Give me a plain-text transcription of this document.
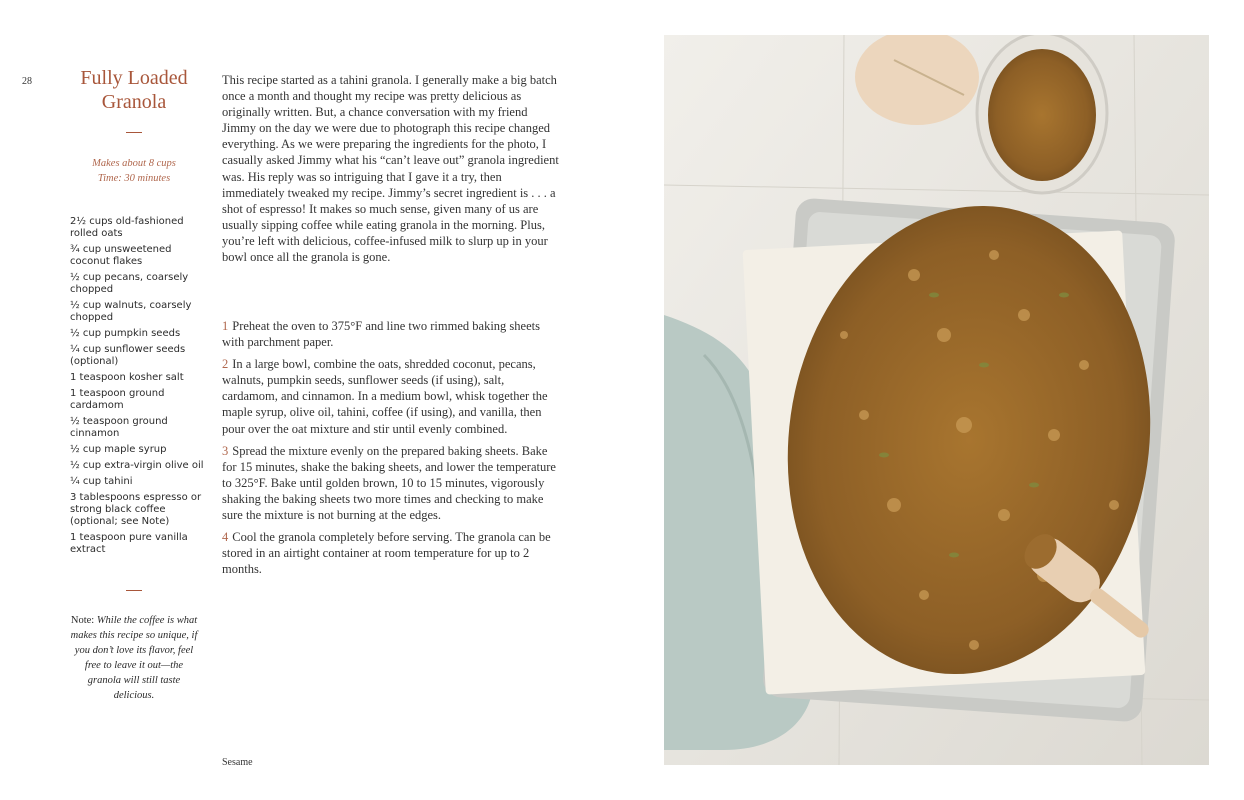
28	Fully Loaded Granola
Makes about 8 cups
Time: 30 minutes
2½ cups old-fashioned rolled oats
¾ cup unsweetened coconut flakes
½ cup pecans, coarsely chopped
½ cup walnuts, coarsely chopped
½ cup pumpkin seeds
¼ cup sunflower seeds (optional)
1 teaspoon kosher salt
1 teaspoon ground cardamom
½ teaspoon ground cinnamon
½ cup maple syrup
½ cup extra-virgin olive oil
¼ cup tahini
3 tablespoons espresso or strong black coffee (optional; see Note)
1 teaspoon pure vanilla extract
Note: While the coffee is what makes this recipe so unique, if you don’t love its flavor, feel free to leave it out—the granola will still taste delicious.

This recipe started as a tahini granola. I generally make a big batch once a month and thought my recipe was pretty delicious as originally written. But, a chance conversation with my friend Jimmy on the day we were due to photograph this recipe changed everything. As we were preparing the ingredients for the photo, I casually asked Jimmy what his “can’t leave out” granola ingredient was. His reply was so intriguing that I gave it a try, then immediately tweaked my recipe. Jimmy’s secret ingredient is . . . a shot of espresso! It makes so much sense, given many of us are usually sipping coffee while eating granola in the morning. Plus, you’re left with delicious, coffee-infused milk to slurp up in your bowl once all the granola is gone.

1 Preheat the oven to 375°F and line two rimmed baking sheets with parchment paper.

2 In a large bowl, combine the oats, shredded coconut, pecans, walnuts, pumpkin seeds, sunflower seeds (if using), salt, cardamom, and cinnamon. In a medium bowl, whisk together the maple syrup, olive oil, tahini, coffee (if using), and vanilla, then pour over the oat mixture and stir until evenly combined.

3 Spread the mixture evenly on the prepared baking sheets. Bake for 15 minutes, shake the baking sheets, and lower the temperature to 325°F. Bake until golden brown, 10 to 15 minutes, vigorously shaking the baking sheets two more times and checking to make sure the mixture is not burning at the edges.

4 Cool the granola completely before serving. The granola can be stored in an airtight container at room temperature for up to 2 months.

Sesame
